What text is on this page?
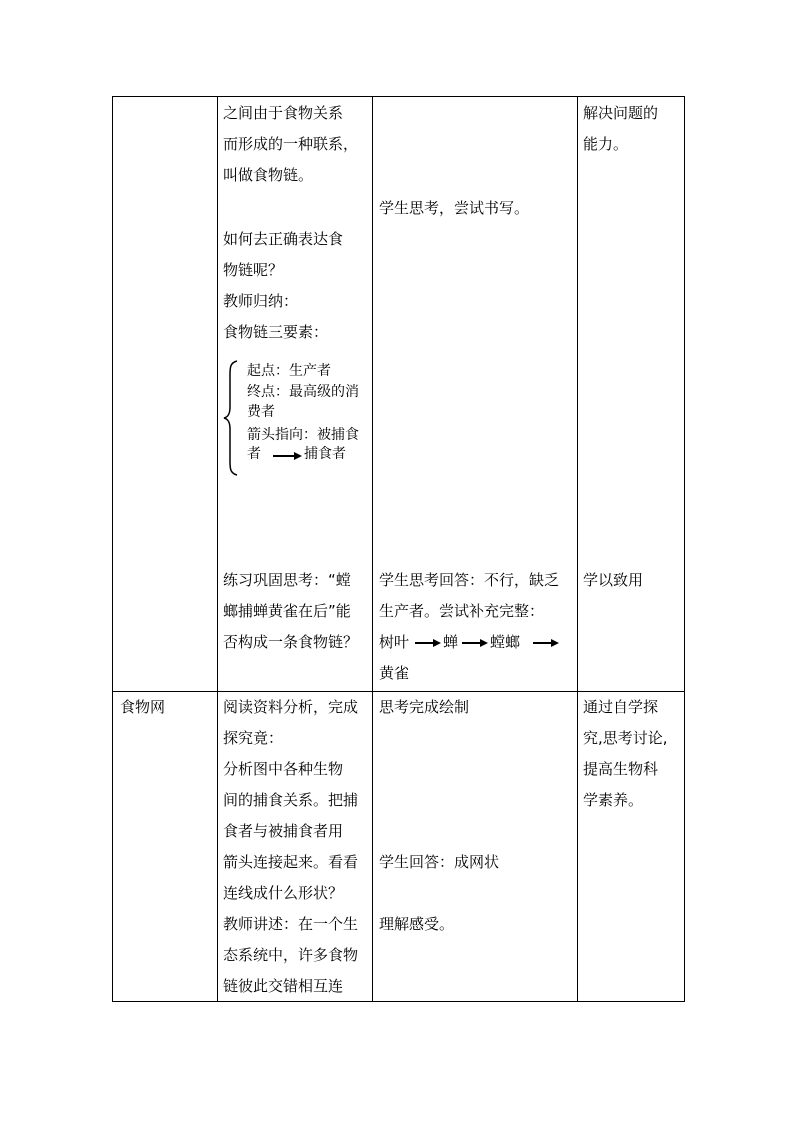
之间由于食物关系
而形成的一种联系，
叫做食物链。
如何去正确表达食
物链呢？
教师归纳：
食物链三要素：
起点：生产者
终点：最高级的消
费者
箭头指向：被捕食
者	捕食者
学生思考，尝试书写。
解决问题的
能力。
练习巩固思考：“螳
螂捕蝉黄雀在后”能
否构成一条食物链？
学生思考回答：不行，缺乏
生产者。尝试补充完整：
树叶 蝉 螳螂
黄雀
学以致用
食物网	阅读资料分析，完成
探究竟：
分析图中各种生物
间的捕食关系。把捕
食者与被捕食者用
箭头连接起来。看看
连线成什么形状？
教师讲述：在一个生
态系统中，许多食物
链彼此交错相互连
思考完成绘制
学生回答：成网状
理解感受。
通过自学探
究,思考讨论,
提高生物科
学素养。
